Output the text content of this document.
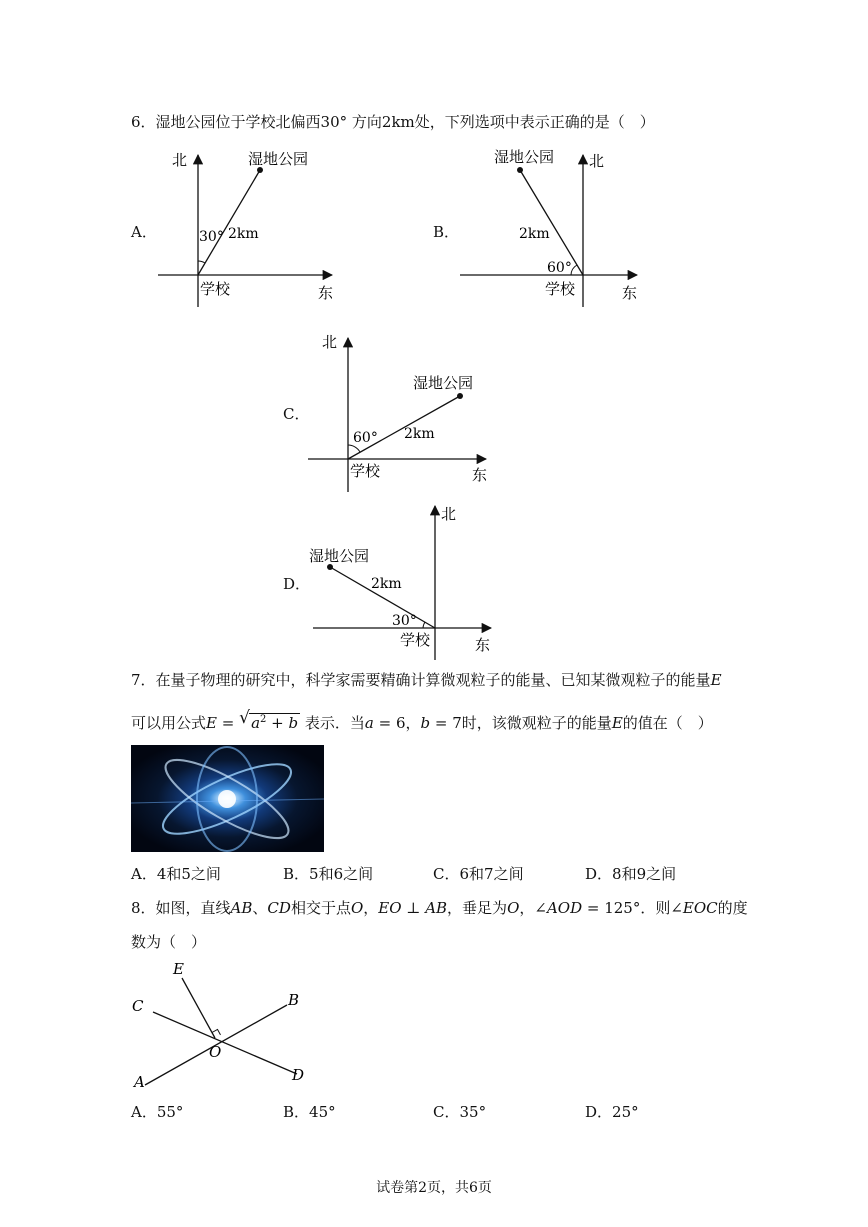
6．湿地公园位于学校北偏西30° 方向2km处，下列选项中表示正确的是（　）
A．
北	湿地公园
30° 2km
学校	东
B．
北
湿地公园
2km
60°
学校	东
C．
北
湿地公园
60° 2km
学校	东
D．
北
湿地公园
2km
30°
学校	东
7．在量子物理的研究中，科学家需要精确计算微观粒子的能量、已知某微观粒子的能量E
可以用公式E = √ $a^2 + b$ 表示．当a = 6，b = 7时，该微观粒子的能量E的值在（　）
A．4和5之间	B．5和6之间	C．6和7之间	D．8和9之间
8．如图，直线AB、CD相交于点O，EO ⊥ AB，垂足为O，∠AOD = 125°．则∠EOC的度
数为（　）
E
C	B
O
A	D
A．55°	B．45°	C．35°	D．25°
试卷第2页，共6页
